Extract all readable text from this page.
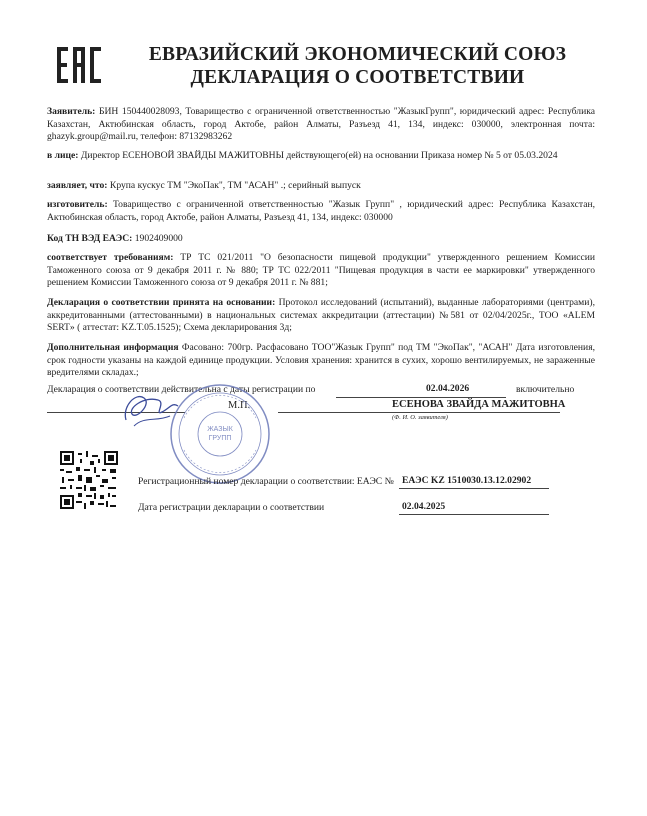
ЕВРАЗИЙСКИЙ ЭКОНОМИЧЕСКИЙ СОЮЗ
ДЕКЛАРАЦИЯ О СООТВЕТСТВИИ
Заявитель: БИН 150440028093, Товарищество с ограниченной ответственностью "ЖазыкГрупп", юридический адрес: Республика Казахстан, Актюбинская область, город Актобе, район Алматы, Разъезд 41, 134, индекс: 030000, электронная почта: ghazyk.group@mail.ru, телефон: 87132983262
в лице: Директор ЕСЕНОВОЙ ЗВАЙДЫ МАЖИТОВНЫ действующего(ей) на основании Приказа номер № 5 от 05.03.2024
заявляет, что: Крупа кускус ТМ "ЭкоПак", ТМ "АСАН" .; серийный выпуск
изготовитель: Товарищество с ограниченной ответственностью "Жазык Групп" , юридический адрес: Республика Казахстан, Актюбинская область, город Актобе, район Алматы, Разъезд 41, 134, индекс: 030000
Код ТН ВЭД ЕАЭС: 1902409000
соответствует требованиям: ТР ТС 021/2011 "О безопасности пищевой продукции" утвержденного решением Комиссии Таможенного союза от 9 декабря 2011 г. № 880; ТР ТС 022/2011 "Пищевая продукция в части ее маркировки" утвержденного решением Комиссии Таможенного союза от 9 декабря 2011 г. № 881;
Декларация о соответствии принята на основании: Протокол исследований (испытаний), выданные лабораториями (центрами), аккредитованными (аттестованными) в национальных системах аккредитации (аттестации) №581 от 02/04/2025г., ТОО «ALEM SERT» ( аттестат: KZ.T.05.1525); Схема декларирования 3д;
Дополнительная информация Фасовано: 700гр. Расфасовано ТОО"Жазык Групп" под ТМ "ЭкоПак", "АСАН" Дата изготовления, срок годности указаны на каждой единице продукции. Условия хранения: хранится в сухих, хорошо вентилируемых, не зараженные вредителями складах.;
Декларация о соответствии действительна с даты регистрации по	02.04.2026	включительно
М.П.	ЕСЕНОВА ЗВАЙДА МАЖИТОВНА
(Ф. И. О. заявителя)
ЖАЗЫК
ГРУПП
Регистрационный номер декларации о соответствии: ЕАЭС № ЕАЭС KZ 1510030.13.12.02902
Дата регистрации декларации о соответствии	02.04.2025
